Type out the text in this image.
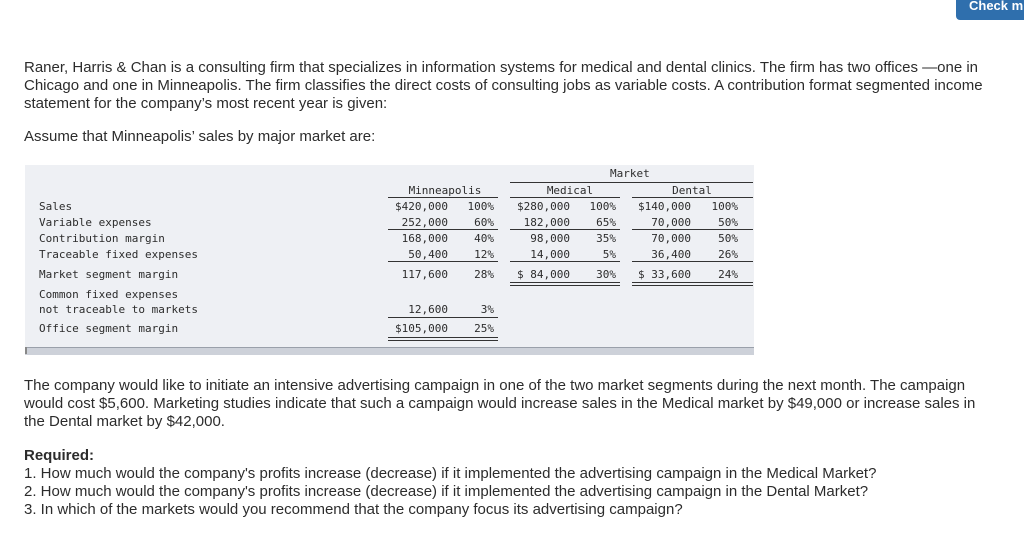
Check m
Raner, Harris & Chan is a consulting firm that specializes in information systems for medical and dental clinics. The firm has two offices —one in Chicago and one in Minneapolis. The firm classifies the direct costs of consulting jobs as variable costs. A contribution format segmented income statement for the company’s most recent year is given:
Assume that Minneapolis’ sales by major market are:
Market
Minneapolis	Medical	Dental
Sales
Variable expenses
Contribution margin
Traceable fixed expenses
Market segment margin
Common fixed expenses
not traceable to markets
Office segment margin
$420,000
252,000
168,000
50,400
117,600
12,600
$105,000
100%
60%
40%
12%
28%
3%
25%
$280,000
182,000
98,000
14,000
$ 84,000
100%
65%
35%
5%
30%
$140,000
70,000
70,000
36,400
$ 33,600
100%
50%
50%
26%
24%
The company would like to initiate an intensive advertising campaign in one of the two market segments during the next month. The campaign would cost $5,600. Marketing studies indicate that such a campaign would increase sales in the Medical market by $49,000 or increase sales in the Dental market by $42,000.
Required:
1. How much would the company's profits increase (decrease) if it implemented the advertising campaign in the Medical Market?
2. How much would the company's profits increase (decrease) if it implemented the advertising campaign in the Dental Market?
3. In which of the markets would you recommend that the company focus its advertising campaign?
